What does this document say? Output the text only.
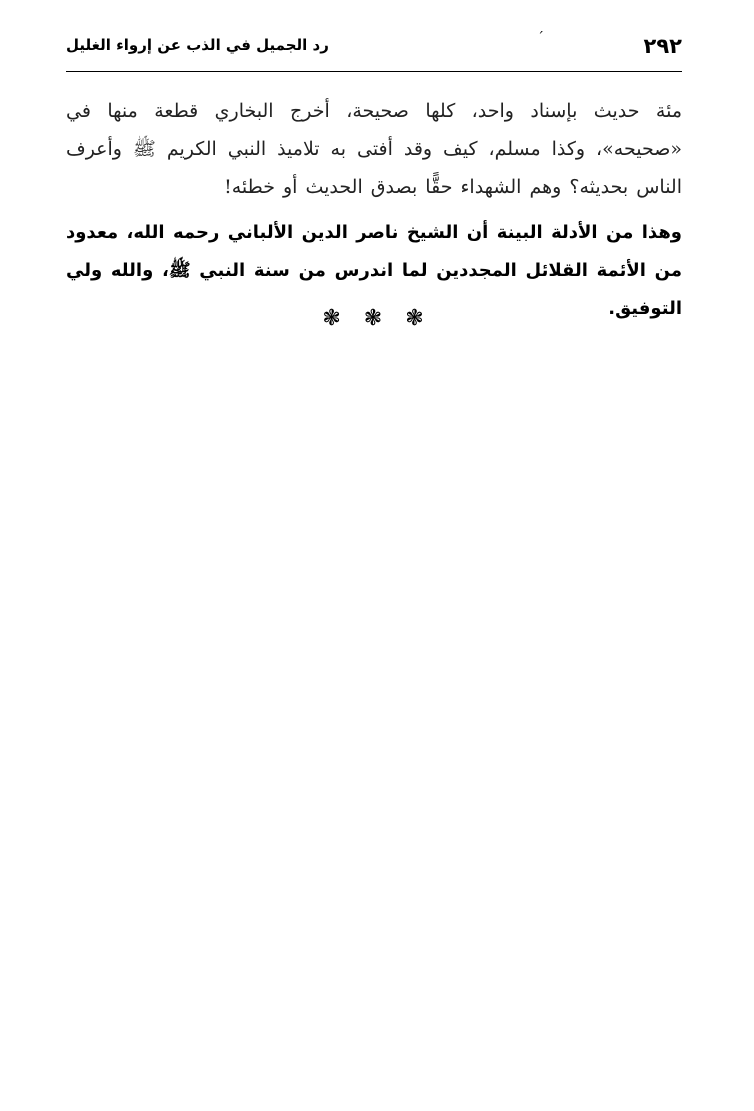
٢٩٢
ˊ
رد الجميل في الذب عن إرواء الغليل

مئة حديث بإسناد واحد، كلها صحيحة، أخرج البخاري قطعة منها في «صحيحه»، وكذا مسلم، كيف وقد أفتى به تلاميذ النبي الكريم ﷺ وأعرف الناس بحديثه؟ وهم الشهداء حقًّا بصدق الحديث أو خطئه!

وهذا من الأدلة البينة أن الشيخ ناصر الدين الألباني رحمه الله، معدود من الأئمة القلائل المجددين لما اندرس من سنة النبي ﷺ، والله ولي التوفيق.

❃ ❃ ❃
